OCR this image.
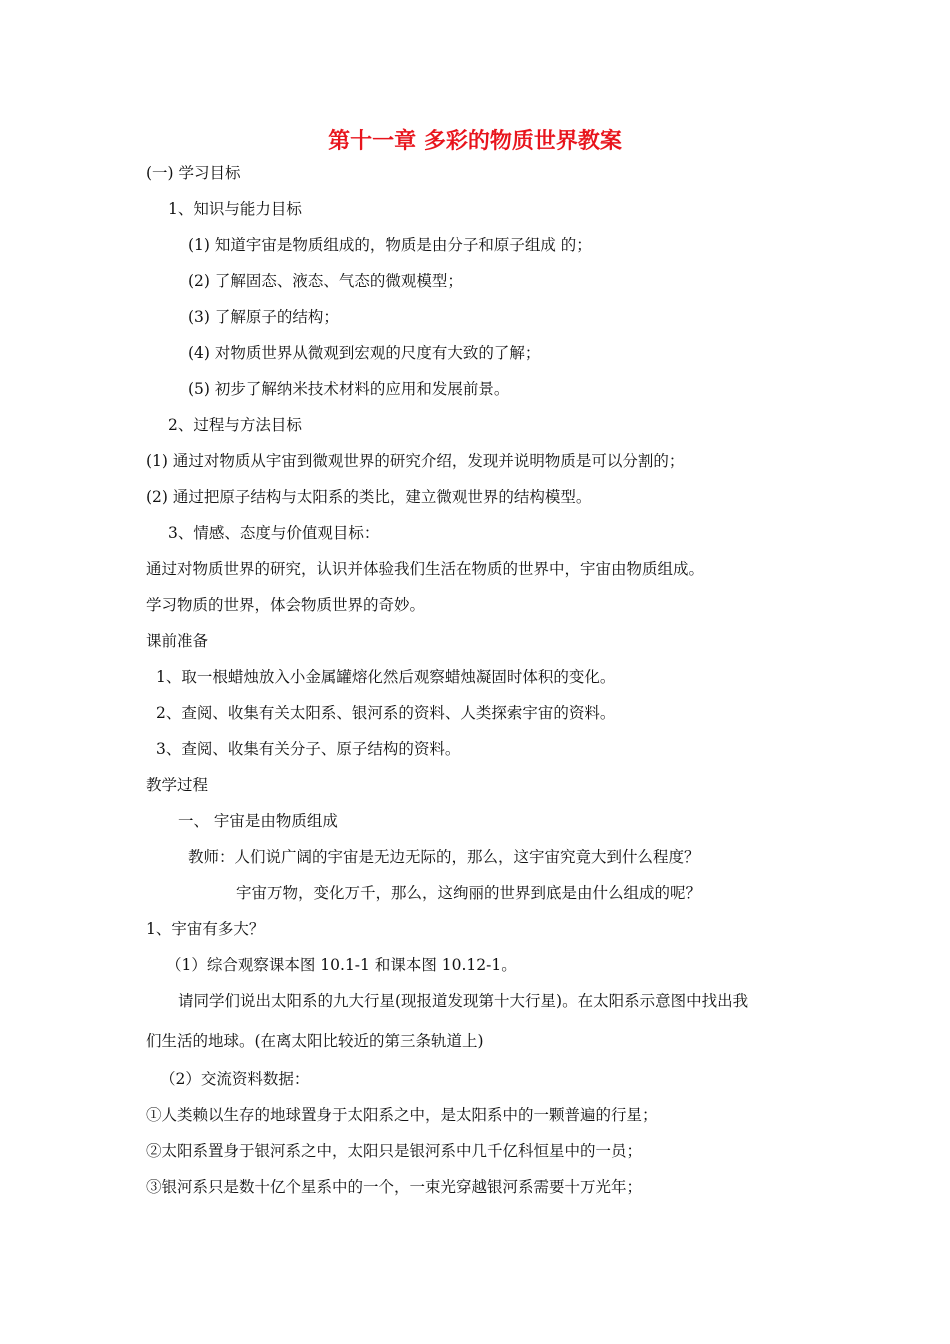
第十一章 多彩的物质世界教案
(一) 学习目标
1、知识与能力目标
(1) 知道宇宙是物质组成的，物质是由分子和原子组成 的；
(2) 了解固态、液态、气态的微观模型；
(3) 了解原子的结构；
(4) 对物质世界从微观到宏观的尺度有大致的了解；
(5) 初步了解纳米技术材料的应用和发展前景。
2、过程与方法目标
(1) 通过对物质从宇宙到微观世界的研究介绍，发现并说明物质是可以分割的；
(2) 通过把原子结构与太阳系的类比，建立微观世界的结构模型。
3、情感、态度与价值观目标：
通过对物质世界的研究，认识并体验我们生活在物质的世界中，宇宙由物质组成。
学习物质的世界，体会物质世界的奇妙。
课前准备
1、取一根蜡烛放入小金属罐熔化然后观察蜡烛凝固时体积的变化。
2、查阅、收集有关太阳系、银河系的资料、人类探索宇宙的资料。
3、查阅、收集有关分子、原子结构的资料。
教学过程
一、 宇宙是由物质组成
教师：人们说广阔的宇宙是无边无际的，那么，这宇宙究竟大到什么程度？
宇宙万物，变化万千，那么，这绚丽的世界到底是由什么组成的呢？
1、宇宙有多大？
（1）综合观察课本图 10.1-1 和课本图 10.12-1。
请同学们说出太阳系的九大行星(现报道发现第十大行星)。在太阳系示意图中找出我
们生活的地球。(在离太阳比较近的第三条轨道上)
（2）交流资料数据：
①人类赖以生存的地球置身于太阳系之中，是太阳系中的一颗普遍的行星；
②太阳系置身于银河系之中，太阳只是银河系中几千亿科恒星中的一员；
③银河系只是数十亿个星系中的一个，一束光穿越银河系需要十万光年；
